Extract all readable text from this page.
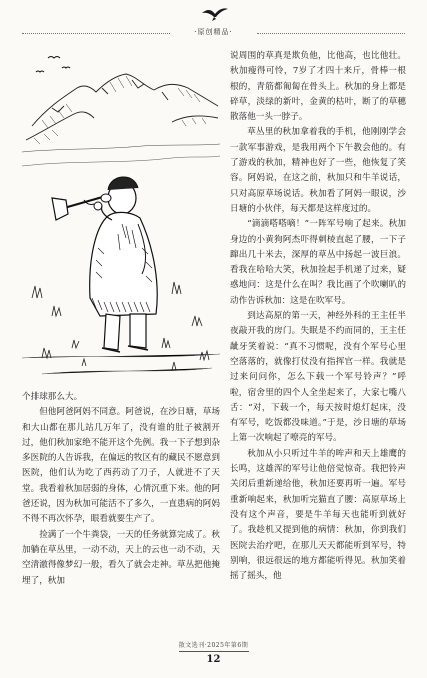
·原创精品·

说周围的草真是欺负他，比他高，也比他壮。秋加瘦得可怜，7岁了才四十来斤，骨棒一根根的，青筋都匍匐在骨头上。秋加的身上都是碎草，淡绿的新叶，金黄的枯叶，断了的草穗散落他一头一脖子。

草丛里的秋加拿着我的手机，他刚刚学会一款军事游戏，是我用两个下午教会他的。有了游戏的秋加，精神也好了一些，他恢复了笑容。阿妈说，在这之前，秋加只和牛羊说话，只对高原草场说话。秋加看了阿妈一眼说，沙日塘的小伙伴，每天都是这样度过的。

“滴滴嗒嗒嘀！”一阵军号响了起来。秋加身边的小黄狗阿杰吓得刺棱直起了腰，一下子蹿出几十米去，深厚的草丛中扬起一波巨浪。看我在哈哈大笑，秋加捡起手机递了过来，疑惑地问：这是什么在叫？我比画了个吹喇叭的动作告诉秋加：这是在吹军号。

到达高原的第一天，神经外科的王主任半夜敲开我的房门。失眠是不约而同的，王主任龇牙笑着说：“真不习惯呢，没有个军号心里空落落的，就像打仗没有指挥官一样。我就是过来问问你，怎么下载一个军号铃声？”呼啦，宿舍里的四个人全坐起来了，大家七嘴八舌：“对，下载一个，每天按时熄灯起床，没有军号，吃饭都没味道。”于是，沙日塘的草场上第一次响起了嘹亮的军号。

秋加从小只听过牛羊的哞声和天上雄鹰的长鸣，这雄浑的军号让他倍觉惊奇。我把铃声关闭后重新递给他，秋加还要再听一遍。军号重新响起来，秋加听完猫直了腰：高原草场上没有这个声音，要是牛羊每天也能听到就好了。我趁机又提到他的病情：秋加，你到我们医院去治疗吧，在那儿天天都能听到军号，特别响，很远很远的地方都能听得见。秋加笑着摇了摇头，他

个排球那么大。

但他阿爸阿妈不同意。阿爸说，在沙日塘，草场和大山都在那儿站几万年了，没有谁的肚子被割开过，他们秋加家绝不能开这个先例。我一下子想到杂多医院的人告诉我，在偏远的牧区有的藏民不愿意到医院，他们认为吃了西药动了刀子，人就进不了天堂。我看着秋加居弱的身体，心情沉重下来。他的阿爸还说，因为秋加可能活不了多久，一直患病的阿妈不得不再次怀孕，眼看就要生产了。

捡满了一个牛粪袋，一天的任务就算完成了。秋加躺在草丛里，一动不动，天上的云也一动不动，天空清澈得像梦幻一般，看久了就会走神。草丛把他掩埋了，秋加

散文选刊·2025年第6期
12
